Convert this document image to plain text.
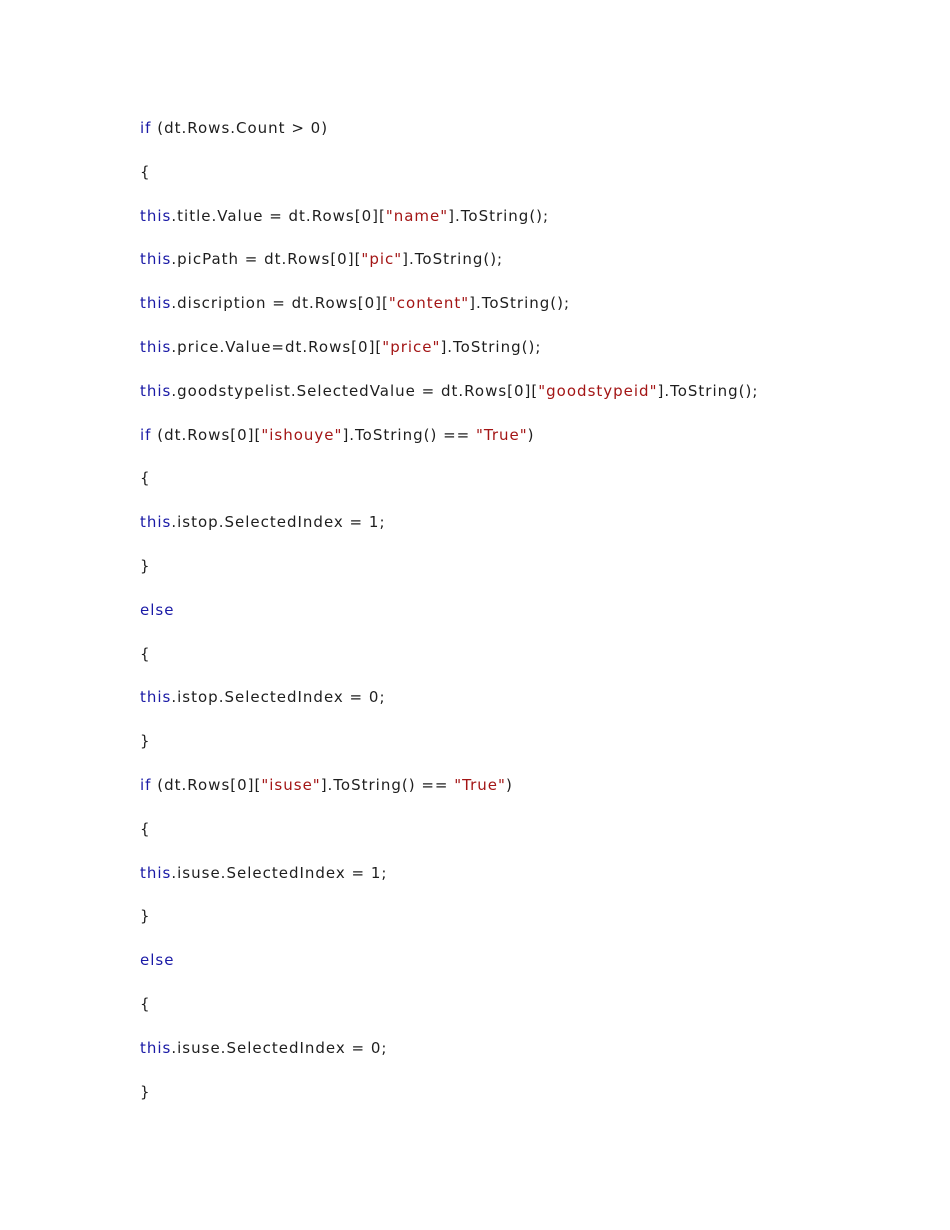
if (dt.Rows.Count > 0)
{
this.title.Value = dt.Rows[0]["name"].ToString();
this.picPath = dt.Rows[0]["pic"].ToString();
this.discription = dt.Rows[0]["content"].ToString();
this.price.Value=dt.Rows[0]["price"].ToString();
this.goodstypelist.SelectedValue = dt.Rows[0]["goodstypeid"].ToString();
if (dt.Rows[0]["ishouye"].ToString() == "True")
{
this.istop.SelectedIndex = 1;
}
else
{
this.istop.SelectedIndex = 0;
}
if (dt.Rows[0]["isuse"].ToString() == "True")
{
this.isuse.SelectedIndex = 1;
}
else
{
this.isuse.SelectedIndex = 0;
}
